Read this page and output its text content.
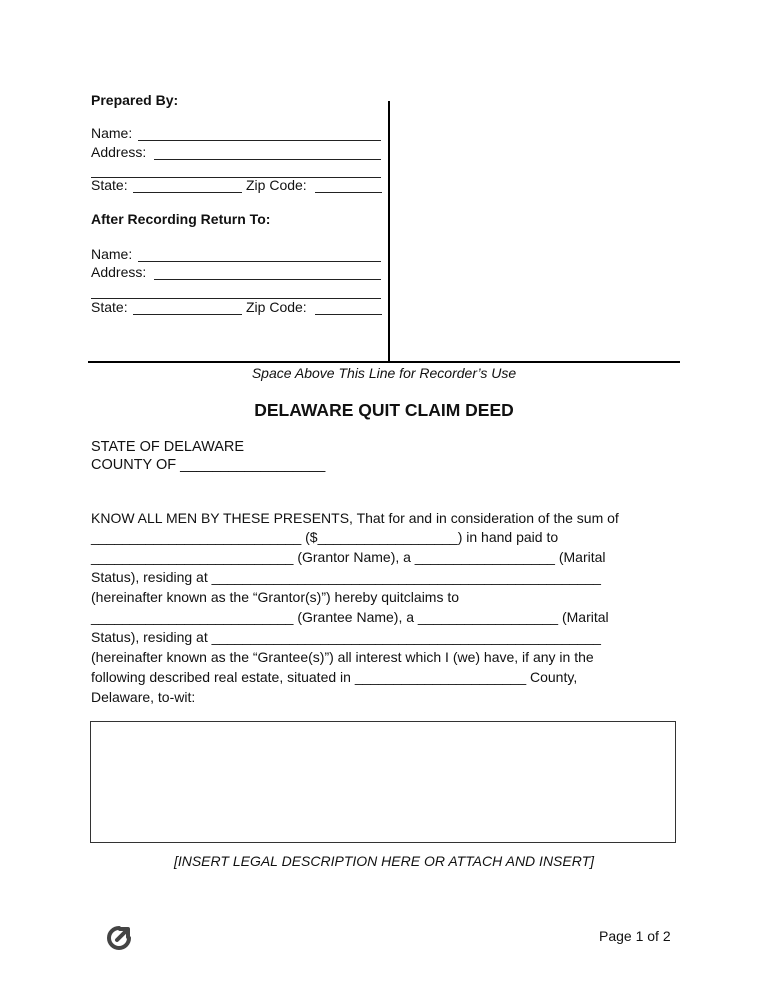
Prepared By:
Name:
Address:
State:	Zip Code:
After Recording Return To:
Name:
Address:
State:	Zip Code:
Space Above This Line for Recorder’s Use
DELAWARE QUIT CLAIM DEED
STATE OF DELAWARE
COUNTY OF __________________
KNOW ALL MEN BY THESE PRESENTS, That for and in consideration of the sum of
___________________________ ($__________________) in hand paid to
__________________________ (Grantor Name), a __________________ (Marital
Status), residing at __________________________________________________
(hereinafter known as the “Grantor(s)”) hereby quitclaims to
__________________________ (Grantee Name), a __________________ (Marital
Status), residing at __________________________________________________
(hereinafter known as the “Grantee(s)”) all interest which I (we) have, if any in the
following described real estate, situated in ______________________ County,
Delaware, to-wit:
[INSERT LEGAL DESCRIPTION HERE OR ATTACH AND INSERT]
Page 1 of 2
